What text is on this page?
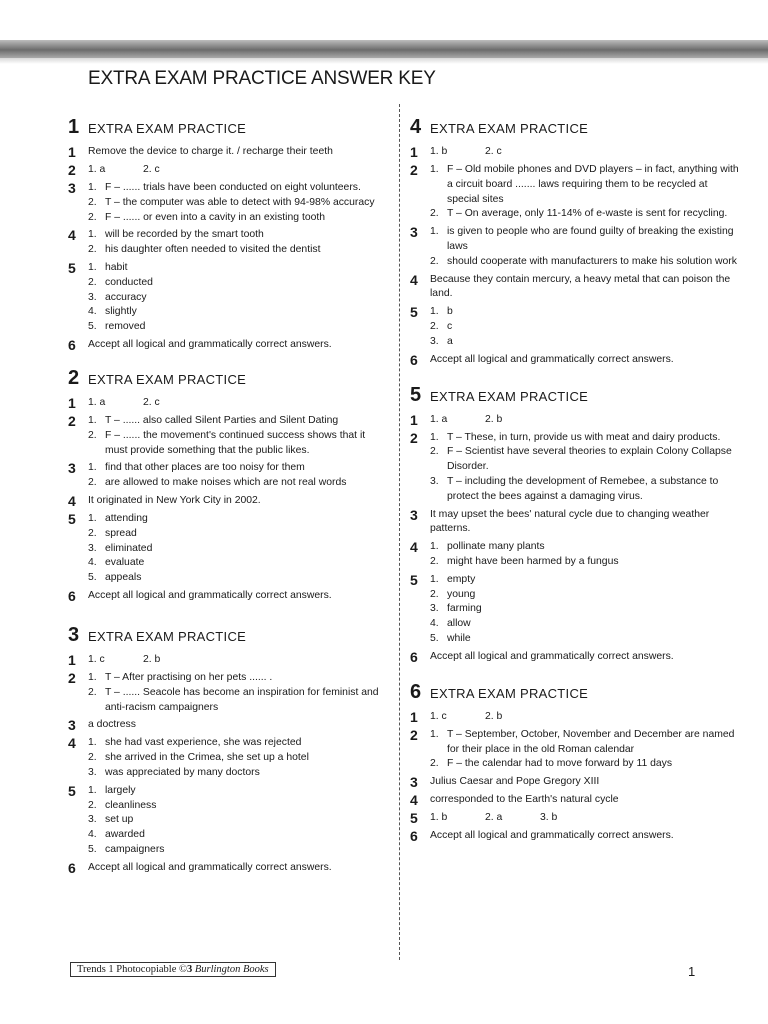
EXTRA EXAM PRACTICE ANSWER KEY
1 EXTRA EXAM PRACTICE
1	Remove the device to charge it. / recharge their teeth
2	1. a	2. c
3	1. F – ...... trials have been conducted on eight volunteers.
2. T – the computer was able to detect with 94-98% accuracy
2. F – ...... or even into a cavity in an existing tooth
4	1. will be recorded by the smart tooth
2. his daughter often needed to visited the dentist
5	1. habit
2. conducted
3. accuracy
4. slightly
5. removed
6	Accept all logical and grammatically correct answers.
2 EXTRA EXAM PRACTICE
1	1. a	2. c
2	1. T – ...... also called Silent Parties and Silent Dating
2. F – ...... the movement's continued success shows that it must provide something that the public likes.
3	1. find that other places are too noisy for them
2. are allowed to make noises which are not real words
4	It originated in New York City in 2002.
5	1. attending
2. spread
3. eliminated
4. evaluate
5. appeals
6	Accept all logical and grammatically correct answers.
3 EXTRA EXAM PRACTICE
1	1. c	2. b
2	1. T – After practising on her pets ...... .
2. T – ...... Seacole has become an inspiration for feminist and anti-racism campaigners
3	a doctress
4	1. she had vast experience, she was rejected
2. she arrived in the Crimea, she set up a hotel
3. was appreciated by many doctors
5	1. largely
2. cleanliness
3. set up
4. awarded
5. campaigners
6	Accept all logical and grammatically correct answers.
4 EXTRA EXAM PRACTICE
1	1. b	2. c
2	1. F – Old mobile phones and DVD players – in fact, anything with a circuit board ....... laws requiring them to be recycled at special sites
2. T – On average, only 11-14% of e-waste is sent for recycling.
3	1. is given to people who are found guilty of breaking the existing laws
2. should cooperate with manufacturers to make his solution work
4	Because they contain mercury, a heavy metal that can poison the land.
5	1. b
2. c
3. a
6	Accept all logical and grammatically correct answers.
5 EXTRA EXAM PRACTICE
1	1. a	2. b
2	1. T – These, in turn, provide us with meat and dairy products.
2. F – Scientist have several theories to explain Colony Collapse Disorder.
3. T – including the development of Remebee, a substance to protect the bees against a damaging virus.
3	It may upset the bees' natural cycle due to changing weather patterns.
4	1. pollinate many plants
2. might have been harmed by a fungus
5	1. empty
2. young
3. farming
4. allow
5. while
6	Accept all logical and grammatically correct answers.
6 EXTRA EXAM PRACTICE
1	1. c	2. b
2	1. T – September, October, November and December are named for their place in the old Roman calendar
2. F – the calendar had to move forward by 11 days
3	Julius Caesar and Pope Gregory XIII
4	corresponded to the Earth's natural cycle
5	1. b	2. a	3. b
6	Accept all logical and grammatically correct answers.
Trends 1 Photocopiable ©3 Burlington Books	1
